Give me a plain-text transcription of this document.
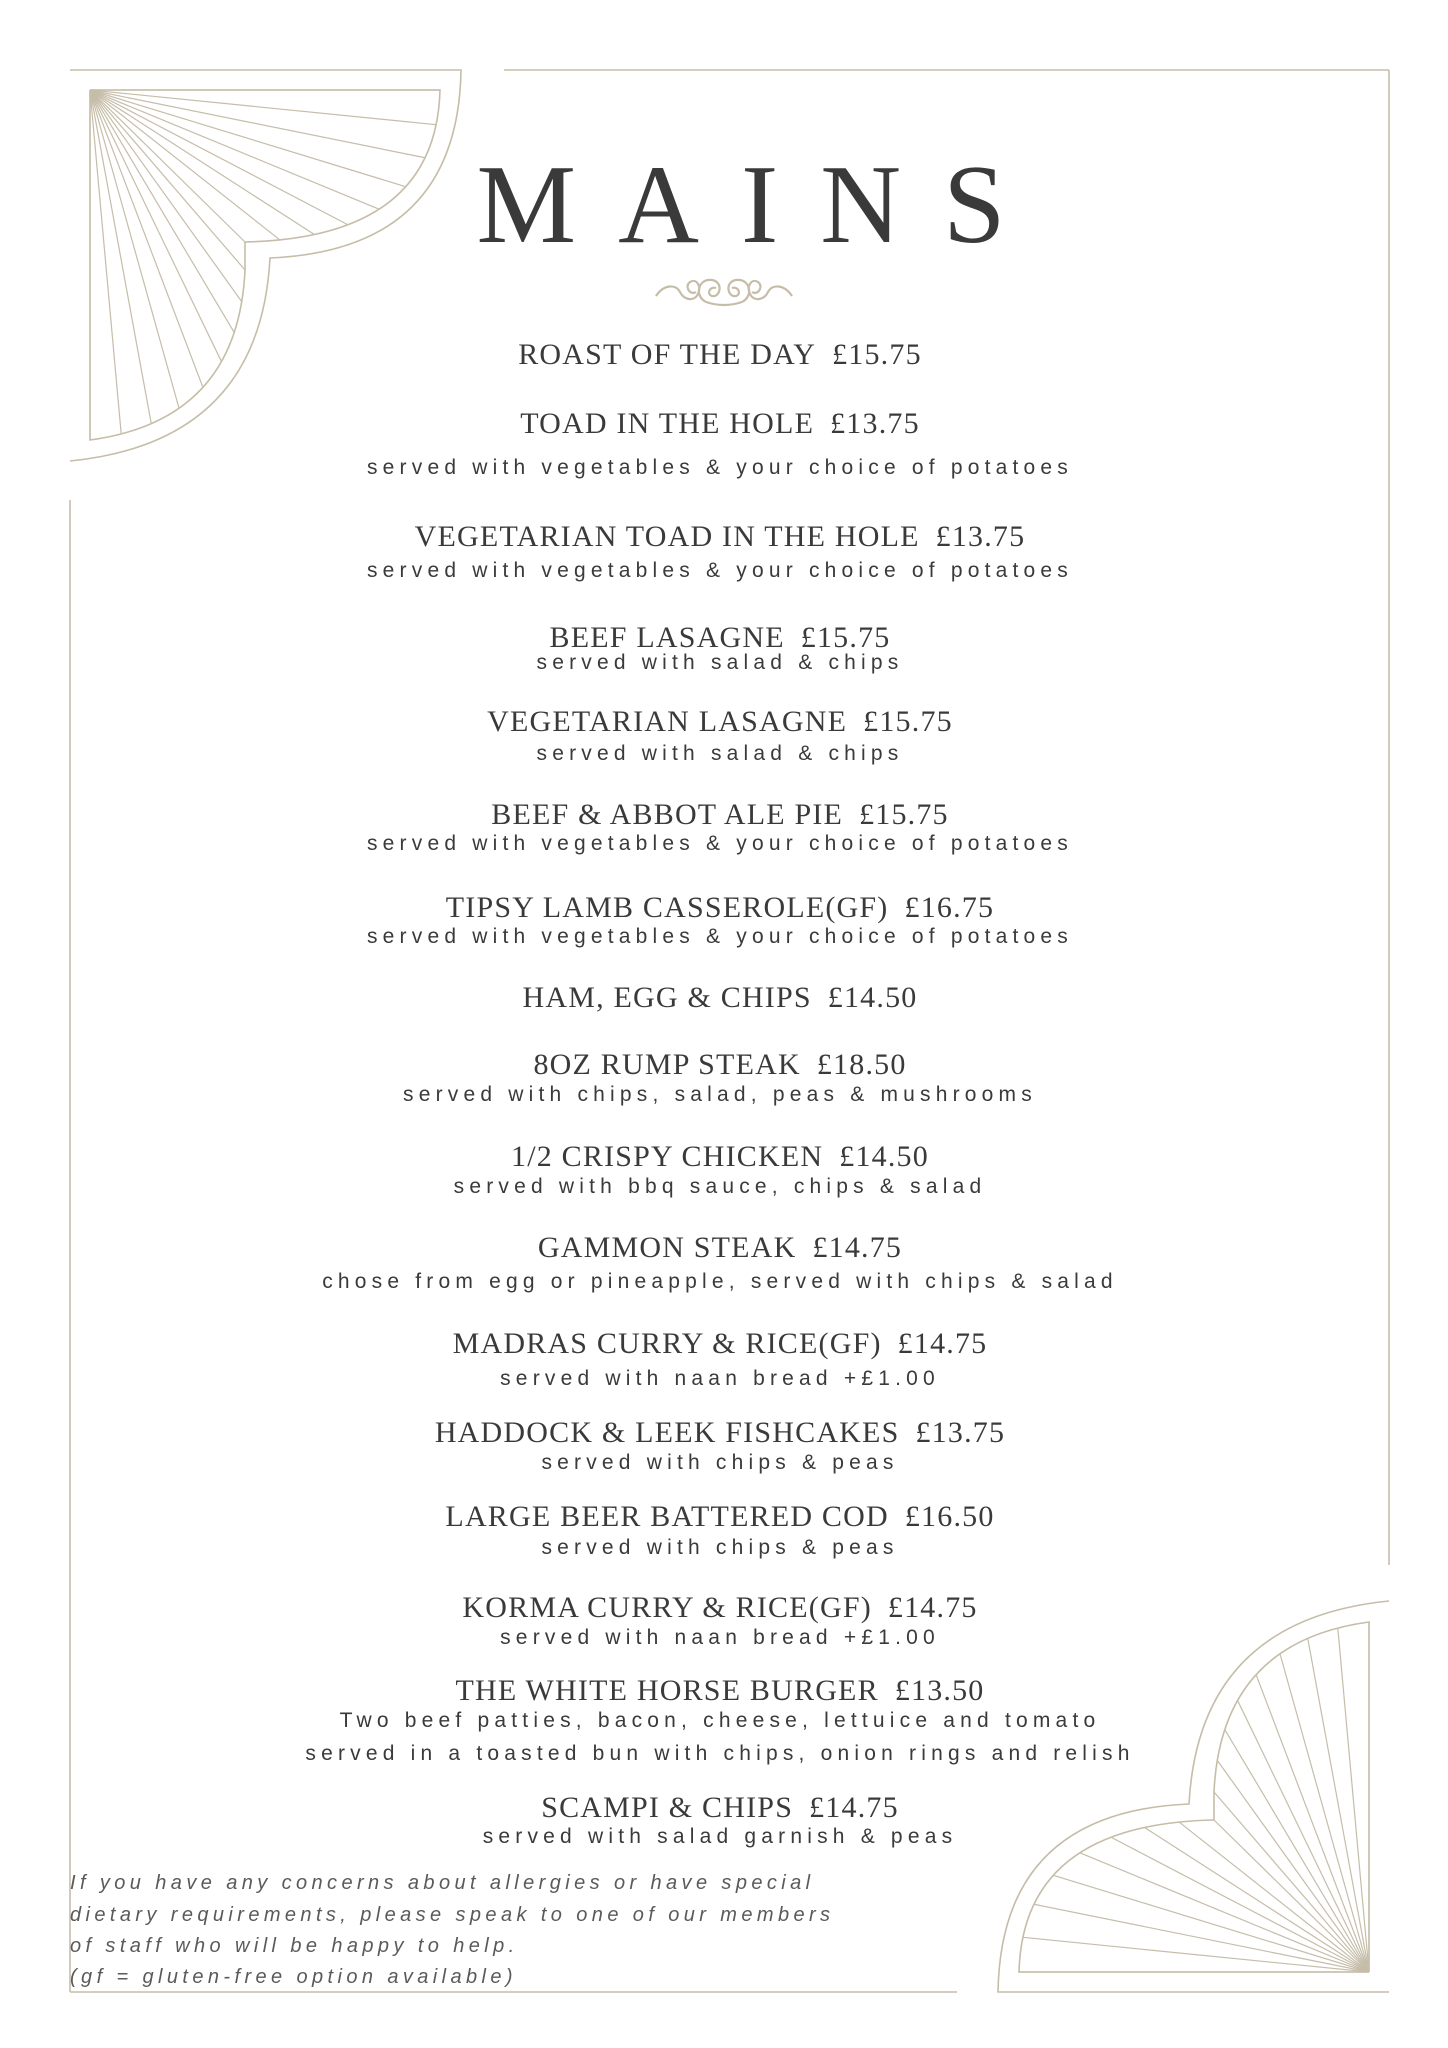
MAINS
ROAST OF THE DAY £15.75
TOAD IN THE HOLE £13.75
served with vegetables & your choice of potatoes
VEGETARIAN TOAD IN THE HOLE £13.75
served with vegetables & your choice of potatoes
BEEF LASAGNE £15.75
served with salad & chips
VEGETARIAN LASAGNE £15.75
served with salad & chips
BEEF & ABBOT ALE PIE £15.75
served with vegetables & your choice of potatoes
TIPSY LAMB CASSEROLE(GF) £16.75
served with vegetables & your choice of potatoes
HAM, EGG & CHIPS £14.50
8OZ RUMP STEAK £18.50
served with chips, salad, peas & mushrooms
1/2 CRISPY CHICKEN £14.50
served with bbq sauce, chips & salad
GAMMON STEAK £14.75
chose from egg or pineapple, served with chips & salad
MADRAS CURRY & RICE(GF) £14.75
served with naan bread +£1.00
HADDOCK & LEEK FISHCAKES £13.75
served with chips & peas
LARGE BEER BATTERED COD £16.50
served with chips & peas
KORMA CURRY & RICE(GF) £14.75
served with naan bread +£1.00
THE WHITE HORSE BURGER £13.50
Two beef patties, bacon, cheese, lettuice and tomato
served in a toasted bun with chips, onion rings and relish
SCAMPI & CHIPS £14.75
served with salad garnish & peas
If you have any concerns about allergies or have special
dietary requirements, please speak to one of our members
of staff who will be happy to help.
(gf = gluten-free option available)
